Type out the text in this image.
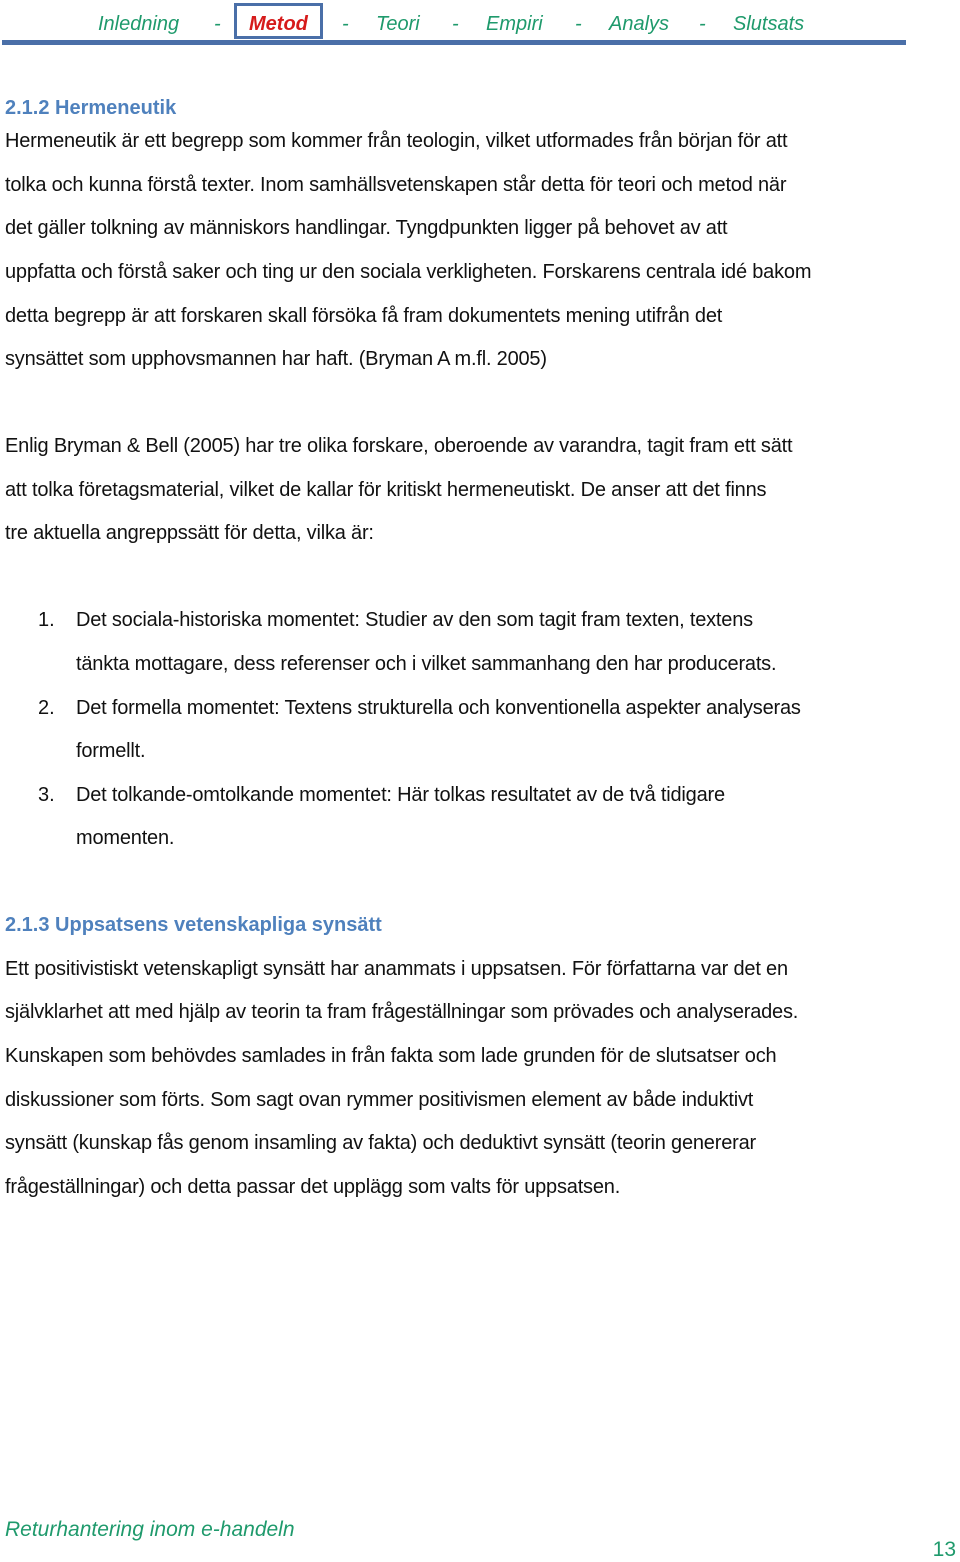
Inledning - Metod - Teori - Empiri - Analys - Slutsats
2.1.2 Hermeneutik
Hermeneutik är ett begrepp som kommer från teologin, vilket utformades från början för att
tolka och kunna förstå texter. Inom samhällsvetenskapen står detta för teori och metod när
det gäller tolkning av människors handlingar. Tyngdpunkten ligger på behovet av att
uppfatta och förstå saker och ting ur den sociala verkligheten. Forskarens centrala idé bakom
detta begrepp är att forskaren skall försöka få fram dokumentets mening utifrån det
synsättet som upphovsmannen har haft. (Bryman A m.fl. 2005)
Enlig Bryman & Bell (2005) har tre olika forskare, oberoende av varandra, tagit fram ett sätt
att tolka företagsmaterial, vilket de kallar för kritiskt hermeneutiskt. De anser att det finns
tre aktuella angreppssätt för detta, vilka är:
1. Det sociala-historiska momentet: Studier av den som tagit fram texten, textens
tänkta mottagare, dess referenser och i vilket sammanhang den har producerats.
2. Det formella momentet: Textens strukturella och konventionella aspekter analyseras
formellt.
3. Det tolkande-omtolkande momentet: Här tolkas resultatet av de två tidigare
momenten.
2.1.3 Uppsatsens vetenskapliga synsätt
Ett positivistiskt vetenskapligt synsätt har anammats i uppsatsen. För författarna var det en
självklarhet att med hjälp av teorin ta fram frågeställningar som prövades och analyserades.
Kunskapen som behövdes samlades in från fakta som lade grunden för de slutsatser och
diskussioner som förts. Som sagt ovan rymmer positivismen element av både induktivt
synsätt (kunskap fås genom insamling av fakta) och deduktivt synsätt (teorin genererar
frågeställningar) och detta passar det upplägg som valts för uppsatsen.
Returhantering inom e-handeln
13
